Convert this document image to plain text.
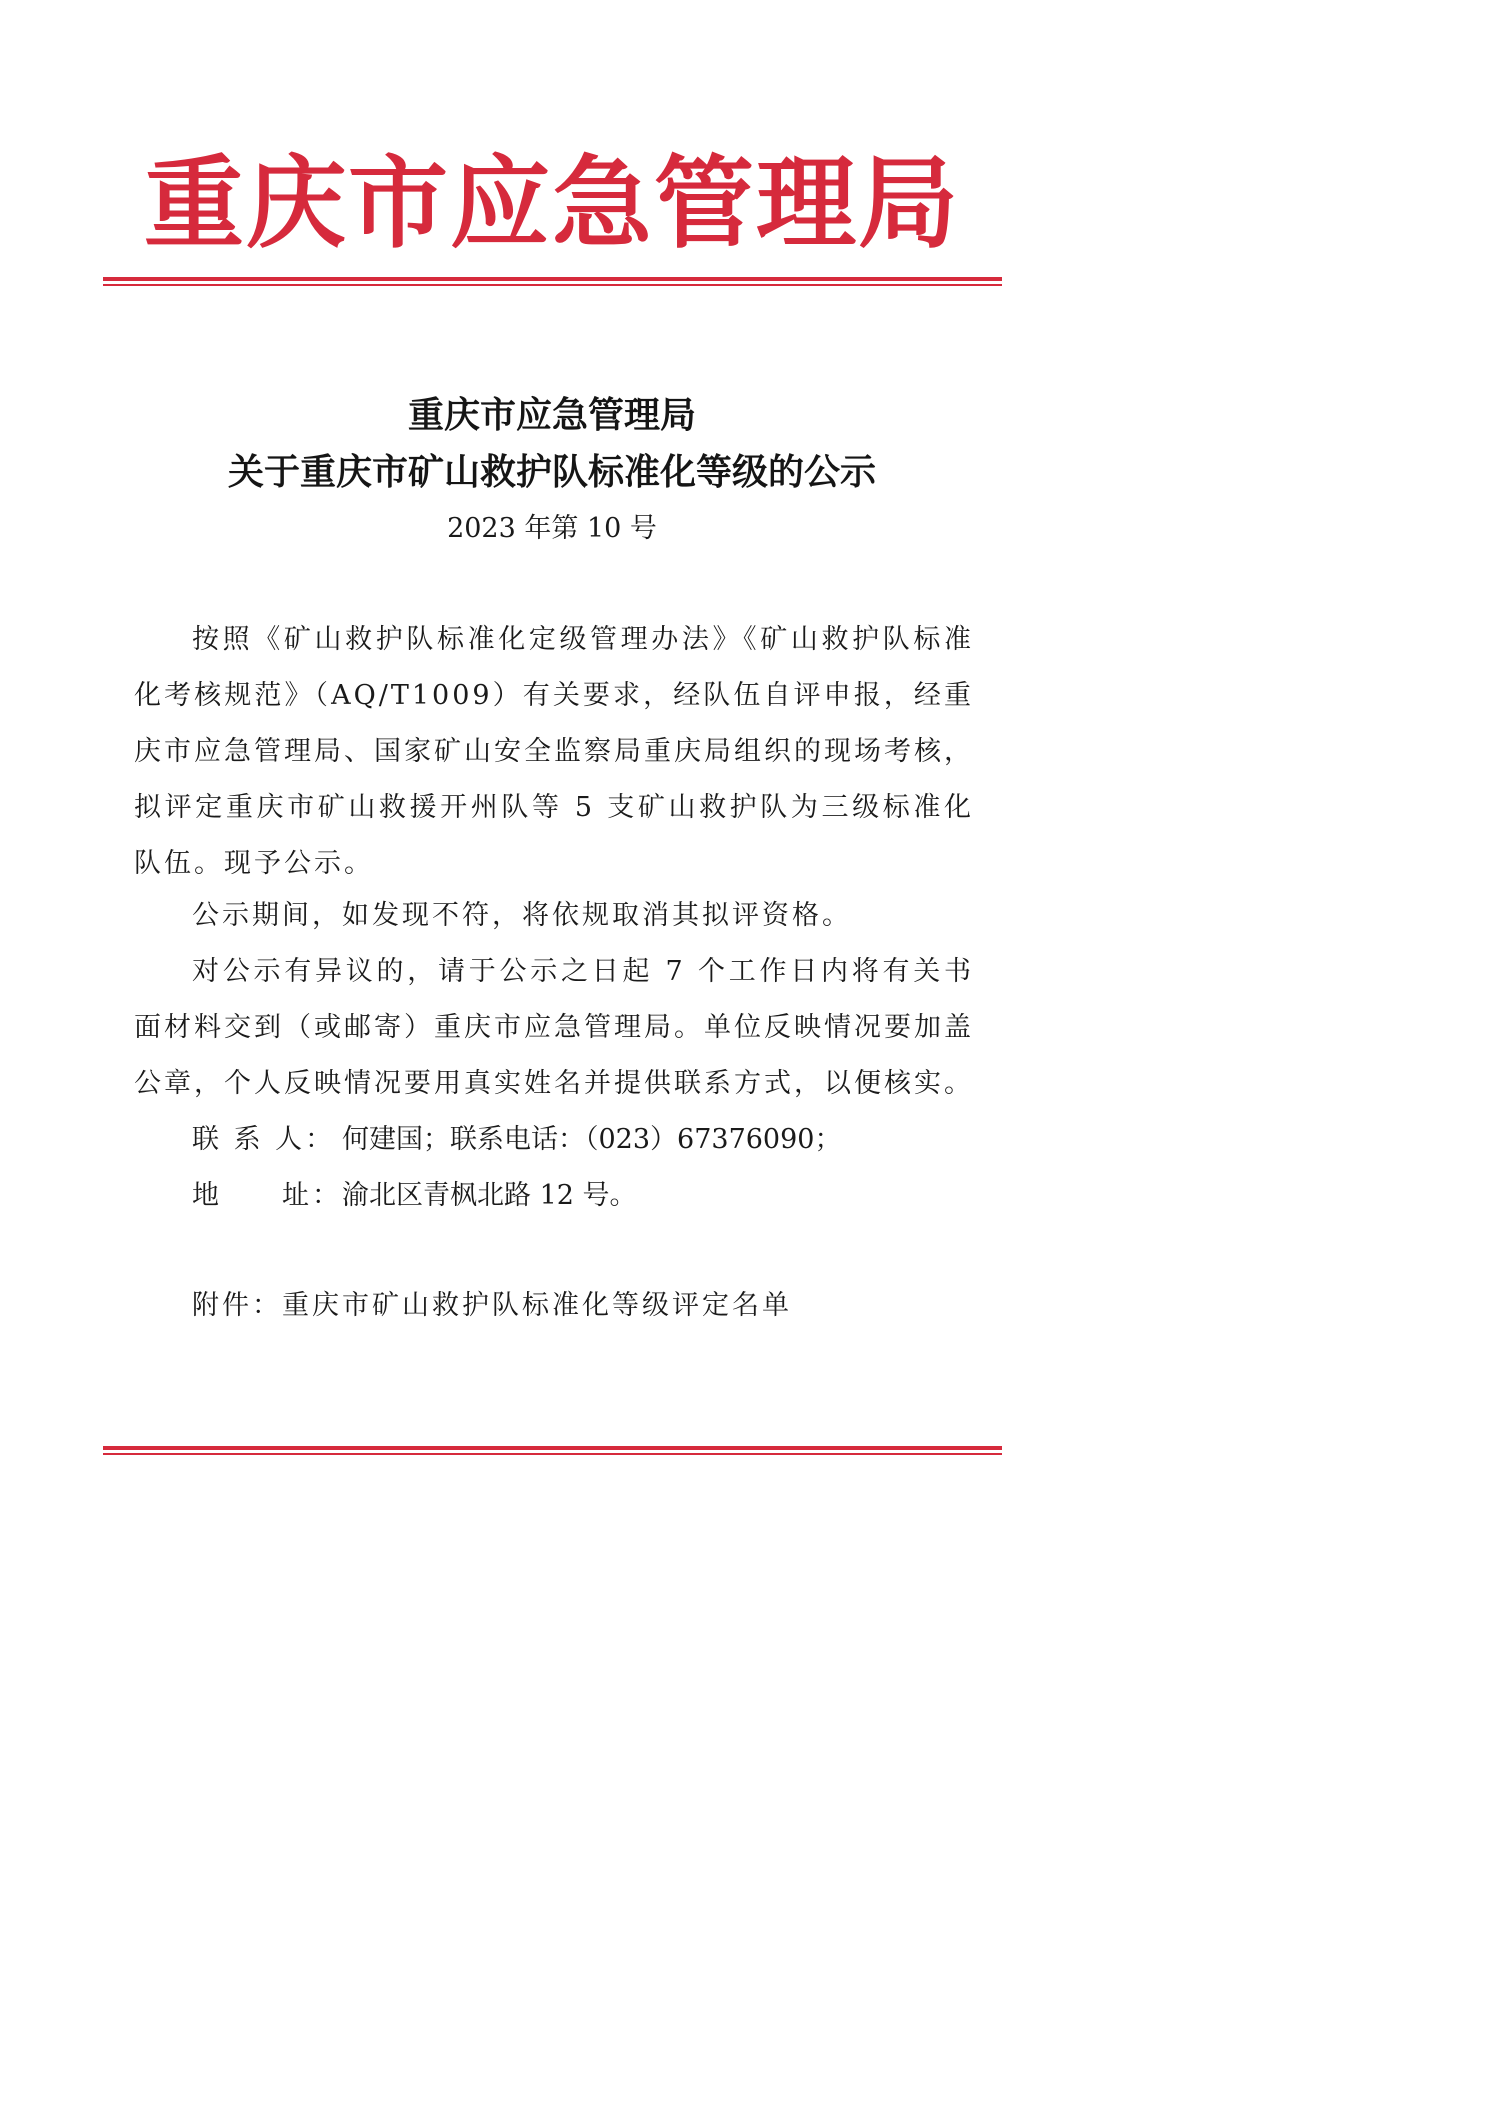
重庆市应急管理局
重庆市应急管理局
关于重庆市矿山救护队标准化等级的公示
2023 年第 10 号
按照《矿山救护队标准化定级管理办法》《矿山救护队标准化考核规范》（AQ/T1009）有关要求，经队伍自评申报，经重庆市应急管理局、国家矿山安全监察局重庆局组织的现场考核，拟评定重庆市矿山救援开州队等 5 支矿山救护队为三级标准化队伍。现予公示。
公示期间，如发现不符，将依规取消其拟评资格。
对公示有异议的，请于公示之日起 7 个工作日内将有关书面材料交到（或邮寄）重庆市应急管理局。单位反映情况要加盖公章，个人反映情况要用真实姓名并提供联系方式，以便核实。
联 系 人： 何建国；联系电话：（023）67376090；
地　　址：渝北区青枫北路 12 号。
附件：重庆市矿山救护队标准化等级评定名单
